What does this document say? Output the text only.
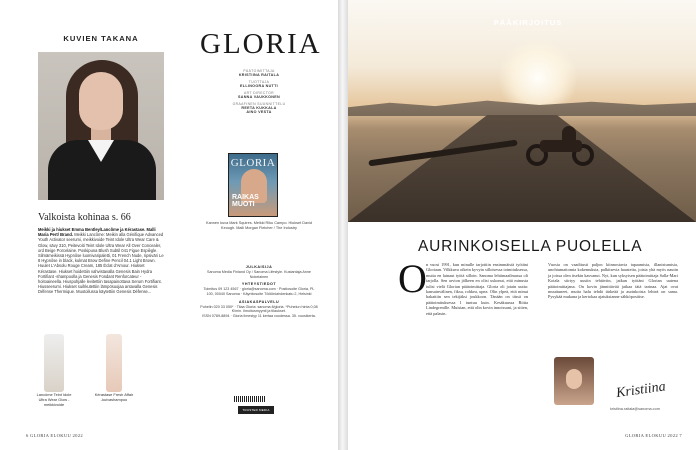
KUVIEN TAKANA
Valkoista kohinaa s. 66
Meikki ja hiukset Emma Bentley/Lancôme ja Kérastase. Malli Maria Pert/ Brand. Meikki Lancôme: Meikin alla Génifique Advanced Youth Activator seerumi, meikkivoide Teint Idole Ultra Wear Care & Glow, sävy 310, Peitevoiti Teint Idole Ultra Wear All Over Concealer, ord Beige Porcelaine. Poskipuna Blush Subtil 041 Figue Espiègle. Silmämeikissä Hypnôse luomivaripaletti, 01 French Nude, ripsiväri Le 8 Hypnôse in black, kulmat Brow Define Pencil 04.1 Light Brown. Huulet L'Absolu Rouge Cream, 185 Éclat d'Amour. Hiukset Kérastase. Hiukset hoidettiin vahvistavalla Genesis Bain Hydra Fortifiant -shampoolla ja Genesis Fondant Renforcateur -hoitoaineella. Hiuspohjalle levitettiin tasapainottava Serum Fortifiant. Hiusseerumi. Hiukset suihkutettiin lämpösuojaa antavalla Genesis Défense Thermique. Muotoilussa käytettiin Genesis Défense...
Lancôme Teint Idole Ultra Wear Glow -meikkivoide
Kérastase Fresh Affair -kuivashampoo
GLORIA
PÄÄTOIMITTAJA
KRISTIINA RAITALA
TUOTTAJA
ELLINOORA NUTTI
ART DIRECTOR
SANNA VAUKKONEN
GRAAFINEN SUUNNITTELU
REETA KUKKALA
AINO VESTA
GLORIA
RAIKAS MUOTI
Kannen kuva Mark Squires. Meikki Riku Campo. Hiukset David Keough. Malli Morgan Fletcher / The Industry
JULKAISIJA
Sanoma Media Finland Oy / Sanoma Lifestyle. Kustantaja Anne Nokelainen
YHTEYSTIEDOT
Toimitus 09 123 4567 · gloria@sanoma.com · Postiosoite Gloria, PL 100, 00040 Sanoma · Käyntiosoite Töölönlahdenkatu 2, Helsinki
ASIAKASPALVELU
Puhelin 020 33 050* · Tilaa Gloria: sanoma.fi/gloria. *Puhelun hinta 0,08 €/min. Ilmoitusmyynti ja tilaukset.
ISSN 0789-8894 · Gloria ilmestyy 11 kertaa vuodessa. 35. vuosikerta.
TRUSTED MEDIA
6 GLORIA ELOKUU 2022
PÄÄKIRJOITUS
AURINKOISELLA PUOLELLA
O n vuosi 1991, kun minulle tarjottiin ensimmäistä työtäni Gloriaan. Vilkkuva oikein kyvyin silloisessa toimituksessa, mutta en lainaut työtä silloin. Sanoma lehtimaailmassa oli tarjolla. Sen arvion jälkeen en olisi uskonut, että minusta tulisi vielä Glorian päätoimittaja. Gloria oli jotain uutta: kansainvälinen, fiksu, rohkea, upea. Olin ylpeä, että minut hakattiin sen tekijäksi joukkoon. Tänään on tässä on päätoimituksessa 1 tuntuu kuin. Kesäkuussa Riitta Lindegrenille. Muistan, että olin kovin innoissani, ja sitten, että palasin.
Vuosia on vaaditusti paljon kiinnostavia tapaamisia, illanistumisia, unohtumattomia kokemuksia, palkitsevia haasteita, joista yhä myös nautin ja joissa olen itsekin kasvanut. Nyt, kun syksyisen päätoimittaja Salla-Mari Kotala siirtyy uusiin tehtäviin, jatkan työtäni Glorian uutena päätoimittajana. On kovin jännittävää jatkaa tätä tarinaa. Ajat ovat muuttuneet, mutta halu tehdä tärkeää ja aurinkoista lehteä on sama. Pysykää mukana ja kertokaa ajatuksianne sähköpostitse.
Kristiina
kristiina.raitala@sanoma.com
GLORIA ELOKUU 2022 7
